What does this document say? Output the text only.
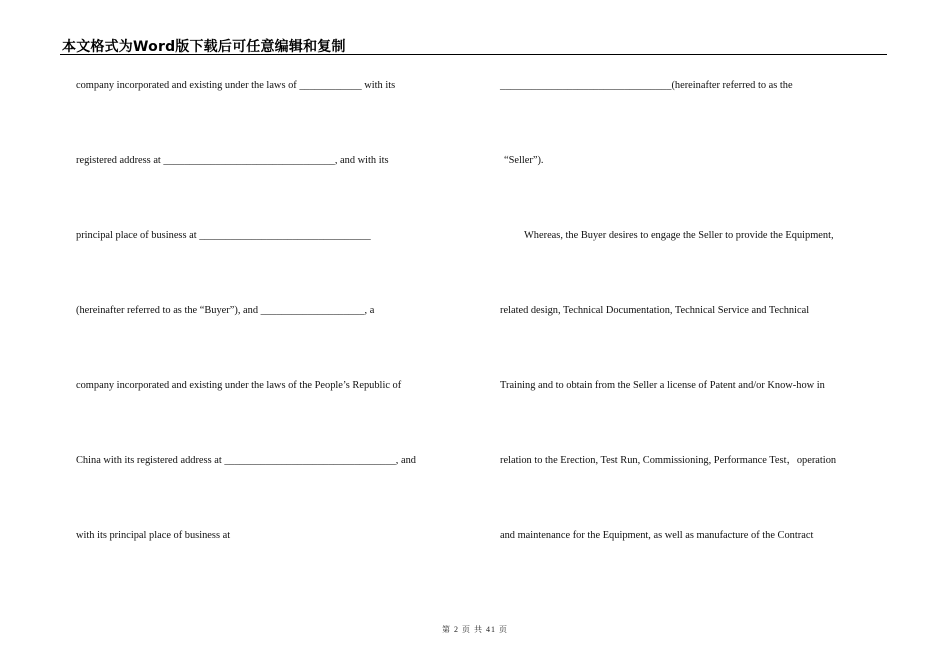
本文格式为Word版下载后可任意编辑和复制
company incorporated and existing under the laws of ____________ with its
registered address at _________________________________, and with its
principal place of business at _________________________________
(hereinafter referred to as the “Buyer”), and ____________________, a
company incorporated and existing under the laws of the People’s Republic of
China with its registered address at _________________________________, and
with its principal place of business at
_________________________________(hereinafter referred to as the
“Seller”).
Whereas, the Buyer desires to engage the Seller to provide the Equipment,
related design, Technical Documentation, Technical Service and Technical
Training and to obtain from the Seller a license of Patent and/or Know-how in
relation to the Erection, Test Run, Commissioning, Performance Test，operation
and maintenance for the Equipment, as well as manufacture of the Contract
第 2 页 共 41 页
